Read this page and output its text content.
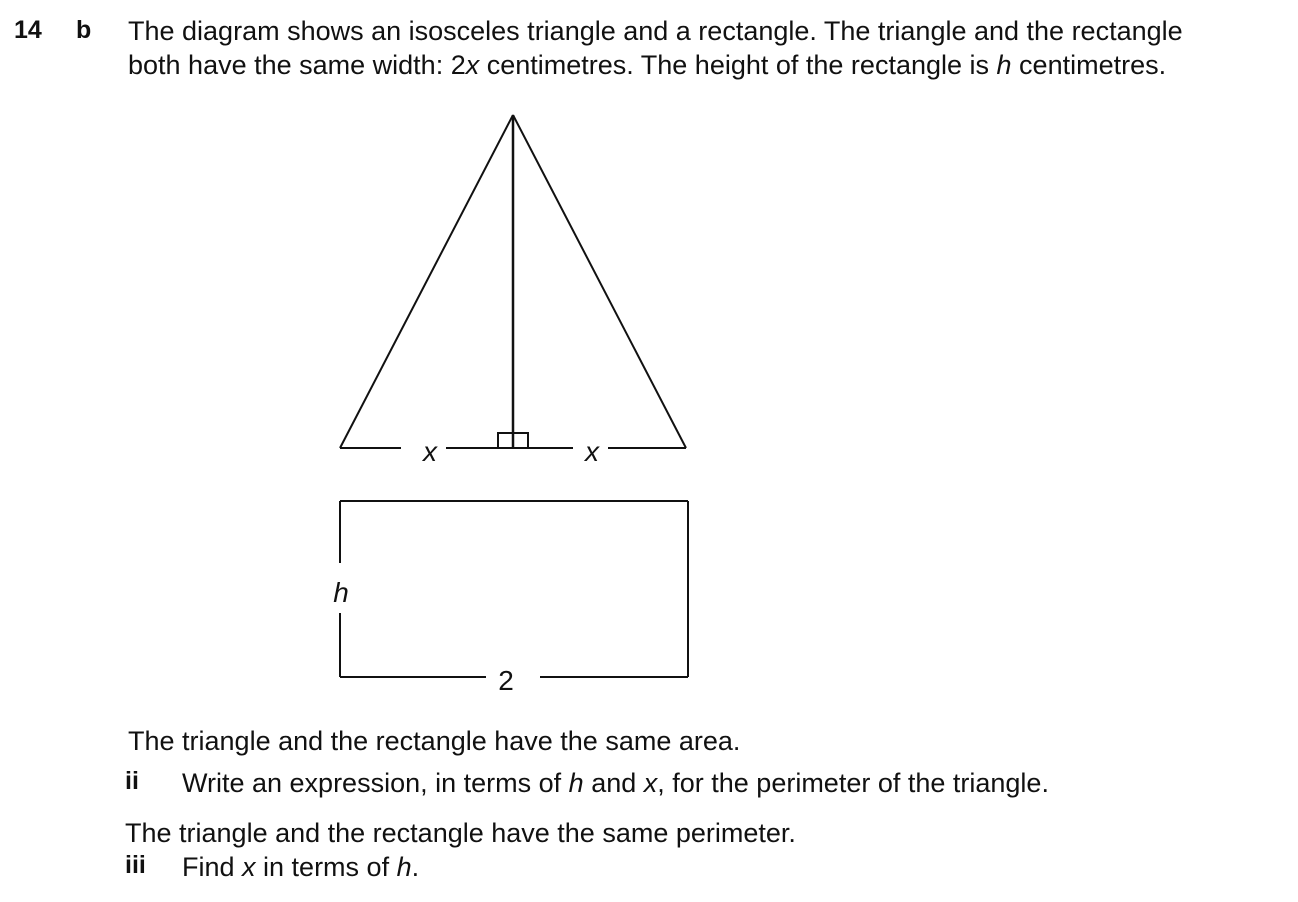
14 b The diagram shows an isosceles triangle and a rectangle. The triangle and the rectangle
both have the same width: 2x centimetres. The height of the rectangle is h centimetres.
x	x
h
2
The triangle and the rectangle have the same area.
ii Write an expression, in terms of h and x, for the perimeter of the triangle.
The triangle and the rectangle have the same perimeter.
iii Find x in terms of h.
